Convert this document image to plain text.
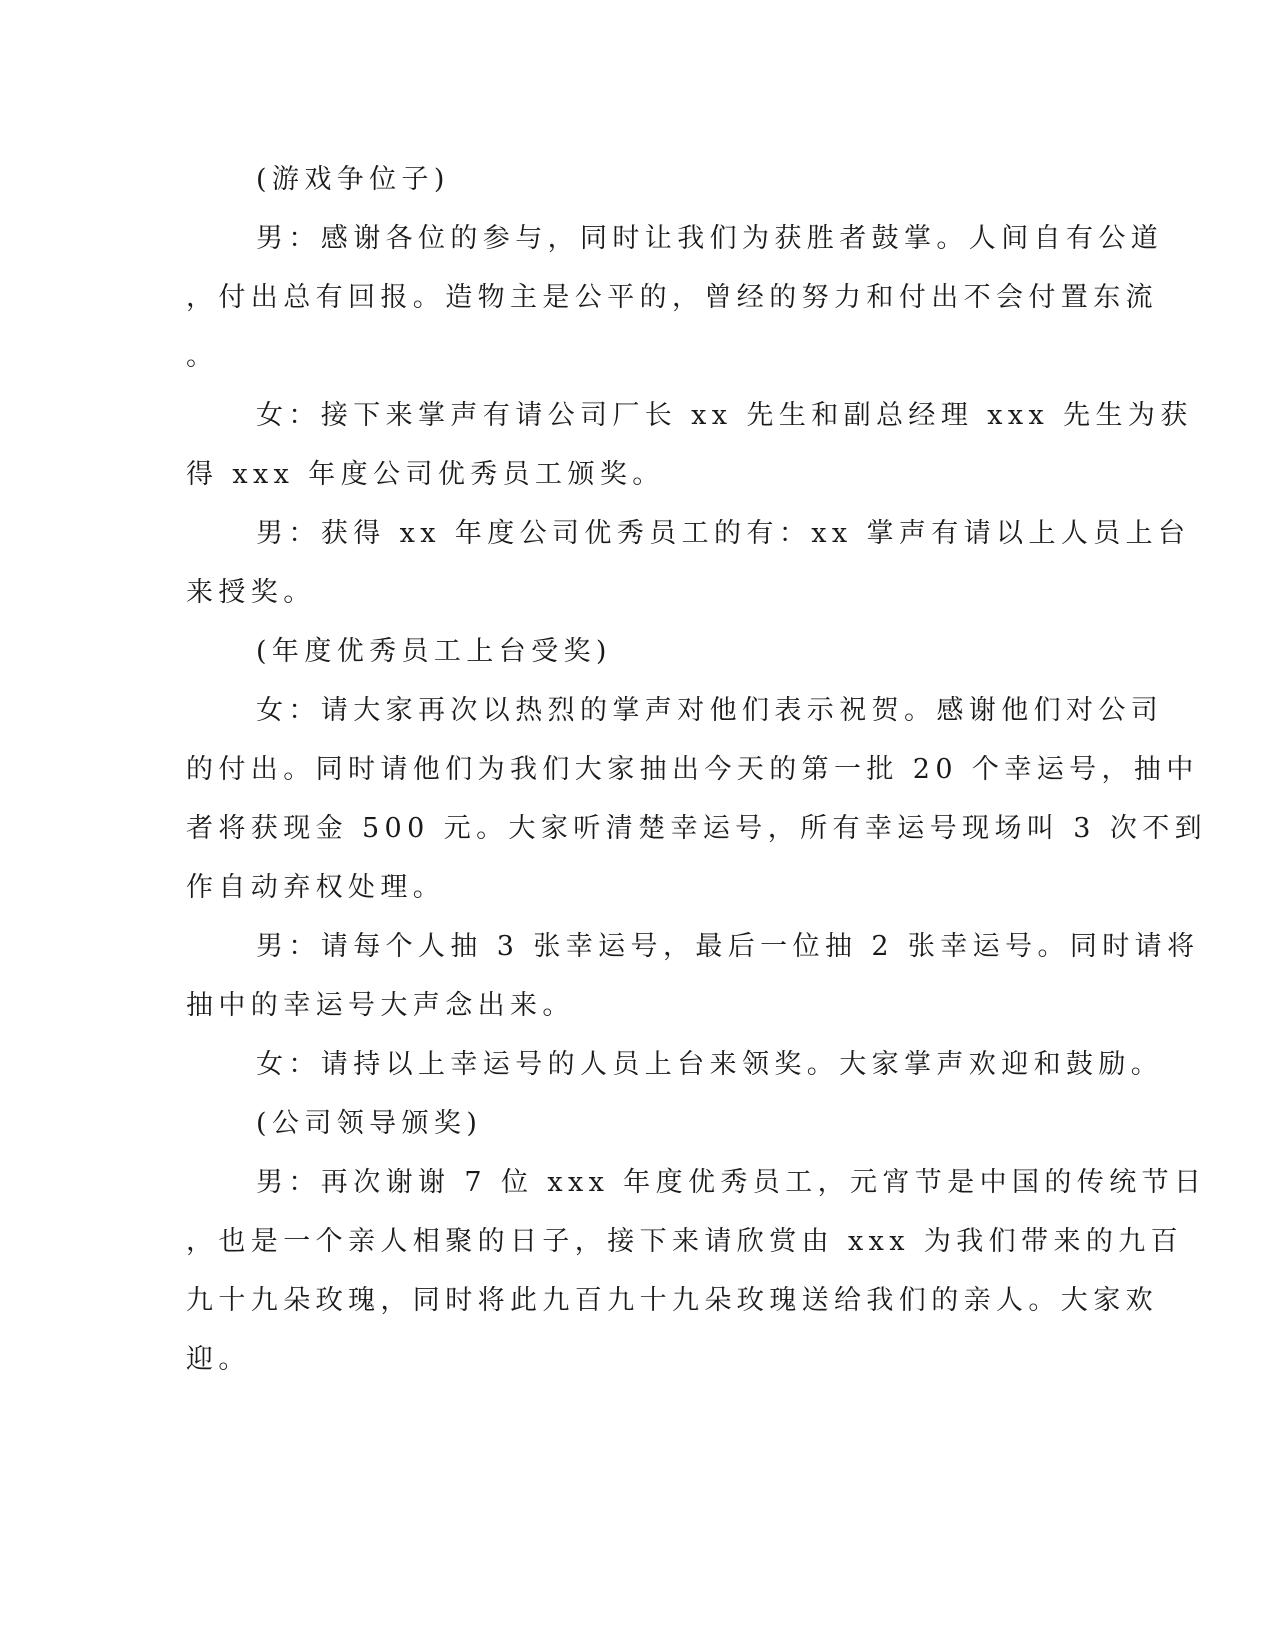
(游戏争位子)
男：感谢各位的参与，同时让我们为获胜者鼓掌。人间自有公道
，付出总有回报。造物主是公平的，曾经的努力和付出不会付置东流
。
女：接下来掌声有请公司厂长 xx 先生和副总经理 xxx 先生为获
得 xxx 年度公司优秀员工颁奖。
男：获得 xx 年度公司优秀员工的有：xx 掌声有请以上人员上台
来授奖。
(年度优秀员工上台受奖)
女：请大家再次以热烈的掌声对他们表示祝贺。感谢他们对公司
的付出。同时请他们为我们大家抽出今天的第一批 20 个幸运号，抽中
者将获现金 500 元。大家听清楚幸运号，所有幸运号现场叫 3 次不到
作自动弃权处理。
男：请每个人抽 3 张幸运号，最后一位抽 2 张幸运号。同时请将
抽中的幸运号大声念出来。
女：请持以上幸运号的人员上台来领奖。大家掌声欢迎和鼓励。
(公司领导颁奖)
男：再次谢谢 7 位 xxx 年度优秀员工，元宵节是中国的传统节日
，也是一个亲人相聚的日子，接下来请欣赏由 xxx 为我们带来的九百
九十九朵玫瑰，同时将此九百九十九朵玫瑰送给我们的亲人。大家欢
迎。
